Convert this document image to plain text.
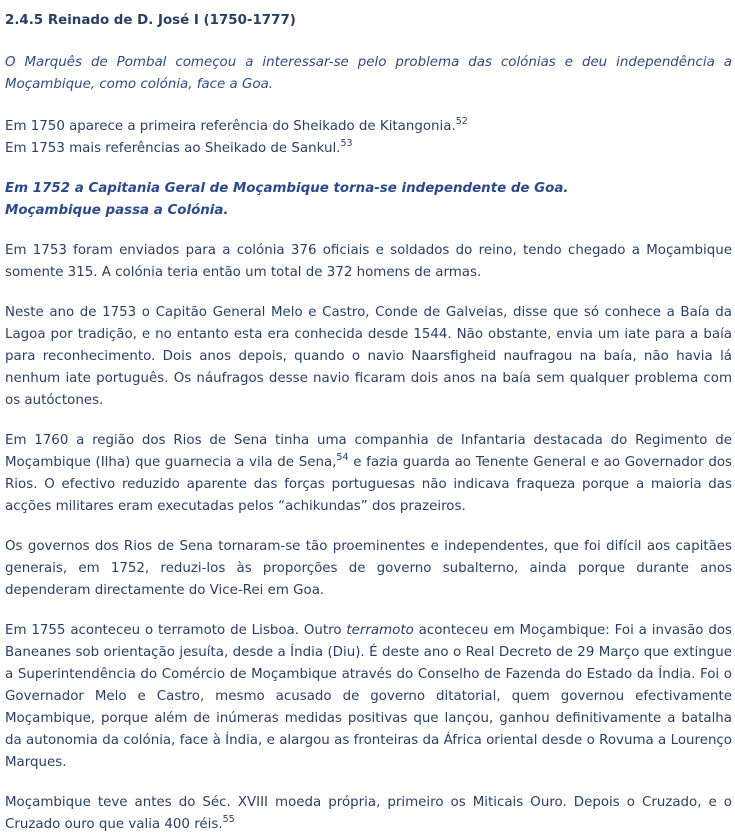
2.4.5 Reinado de D. José I (1750-1777)

O Marquês de Pombal começou a interessar-se pelo problema das colónias e deu independência a Moçambique, como colónia, face a Goa.

Em 1750 aparece a primeira referência do Sheikado de Kitangonia.$^{52}$

Em 1753 mais referências ao Sheikado de Sankul.$^{53}$

Em 1752 a Capitania Geral de Moçambique torna-se independente de Goa.

Moçambique passa a Colónia.

Em 1753 foram enviados para a colónia 376 oficiais e soldados do reino, tendo chegado a Moçambique somente 315. A colónia teria então um total de 372 homens de armas.

Neste ano de 1753 o Capitão General Melo e Castro, Conde de Galveias, disse que só conhece a Baía da Lagoa por tradição, e no entanto esta era conhecida desde 1544. Não obstante, envia um iate para a baía para reconhecimento. Dois anos depois, quando o navio Naarsfigheid naufragou na baía, não havia lá nenhum iate português. Os náufragos desse navio ficaram dois anos na baía sem qualquer problema com os autóctones.

Em 1760 a região dos Rios de Sena tinha uma companhia de Infantaria destacada do Regimento de Moçambique (Ilha) que guarnecia a vila de Sena,$^{54}$ e fazia guarda ao Tenente General e ao Governador dos Rios. O efectivo reduzido aparente das forças portuguesas não indicava fraqueza porque a maioria das acções militares eram executadas pelos “achikundas” dos prazeiros.

Os governos dos Rios de Sena tornaram-se tão proeminentes e independentes, que foi difícil aos capitães generais, em 1752, reduzi-los às proporções de governo subalterno, ainda porque durante anos dependeram directamente do Vice-Rei em Goa.

Em 1755 aconteceu o terramoto de Lisboa. Outro terramoto aconteceu em Moçambique: Foi a invasão dos Baneanes sob orientação jesuíta, desde a Índia (Diu). É deste ano o Real Decreto de 29 Março que extingue a Superintendência do Comércio de Moçambique através do Conselho de Fazenda do Estado da Índia. Foi o Governador Melo e Castro, mesmo acusado de governo ditatorial, quem governou efectivamente Moçambique, porque além de inúmeras medidas positivas que lançou, ganhou definitivamente a batalha da autonomia da colónia, face à Índia, e alargou as fronteiras da África oriental desde o Rovuma a Lourenço Marques.

Moçambique teve antes do Séc. XVIII moeda própria, primeiro os Miticais Ouro. Depois o Cruzado, e o Cruzado ouro que valia 400 réis.$^{55}$
